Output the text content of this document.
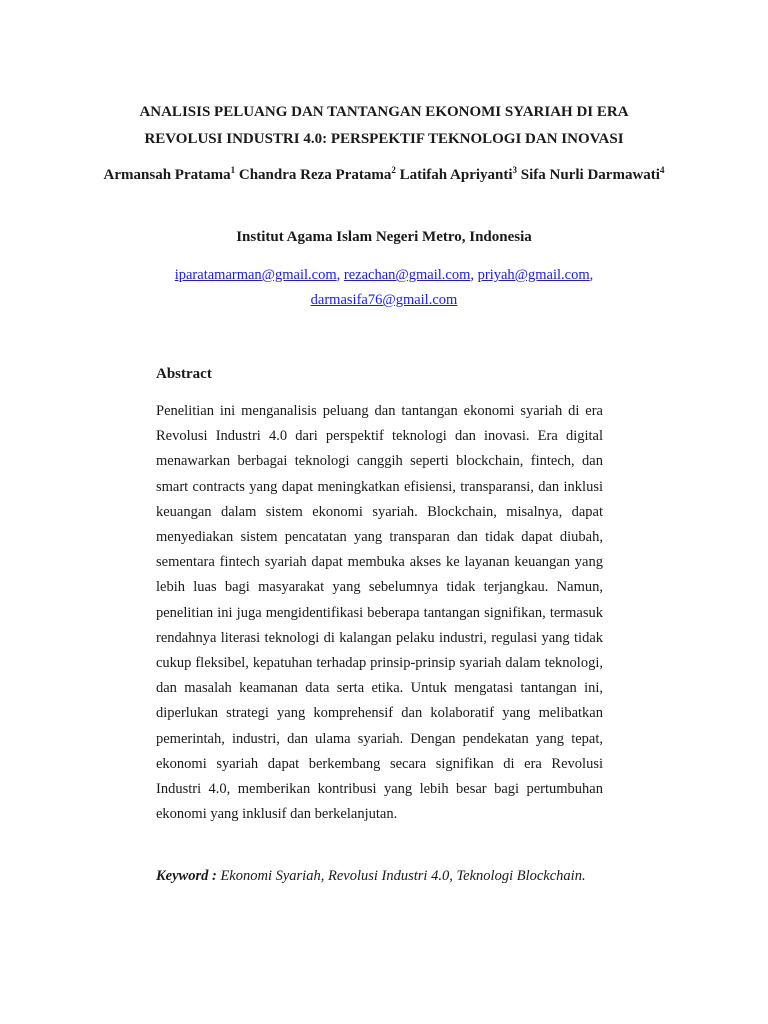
ANALISIS PELUANG DAN TANTANGAN EKONOMI SYARIAH DI ERA
REVOLUSI INDUSTRI 4.0: PERSPEKTIF TEKNOLOGI DAN INOVASI
Armansah Pratama$^1$ Chandra Reza Pratama$^2$ Latifah Apriyanti$^3$ Sifa Nurli Darmawati$^4$
Institut Agama Islam Negeri Metro, Indonesia
iparatamarman@gmail.com, rezachan@gmail.com, priyah@gmail.com,
darmasifa76@gmail.com
Abstract

Penelitian ini menganalisis peluang dan tantangan ekonomi syariah di era Revolusi Industri 4.0 dari perspektif teknologi dan inovasi. Era digital menawarkan berbagai teknologi canggih seperti blockchain, fintech, dan smart contracts yang dapat meningkatkan efisiensi, transparansi, dan inklusi keuangan dalam sistem ekonomi syariah. Blockchain, misalnya, dapat menyediakan sistem pencatatan yang transparan dan tidak dapat diubah, sementara fintech syariah dapat membuka akses ke layanan keuangan yang lebih luas bagi masyarakat yang sebelumnya tidak terjangkau. Namun, penelitian ini juga mengidentifikasi beberapa tantangan signifikan, termasuk rendahnya literasi teknologi di kalangan pelaku industri, regulasi yang tidak cukup fleksibel, kepatuhan terhadap prinsip-prinsip syariah dalam teknologi, dan masalah keamanan data serta etika. Untuk mengatasi tantangan ini, diperlukan strategi yang komprehensif dan kolaboratif yang melibatkan pemerintah, industri, dan ulama syariah. Dengan pendekatan yang tepat, ekonomi syariah dapat berkembang secara signifikan di era Revolusi Industri 4.0, memberikan kontribusi yang lebih besar bagi pertumbuhan ekonomi yang inklusif dan berkelanjutan.

Keyword : Ekonomi Syariah, Revolusi Industri 4.0, Teknologi Blockchain.
